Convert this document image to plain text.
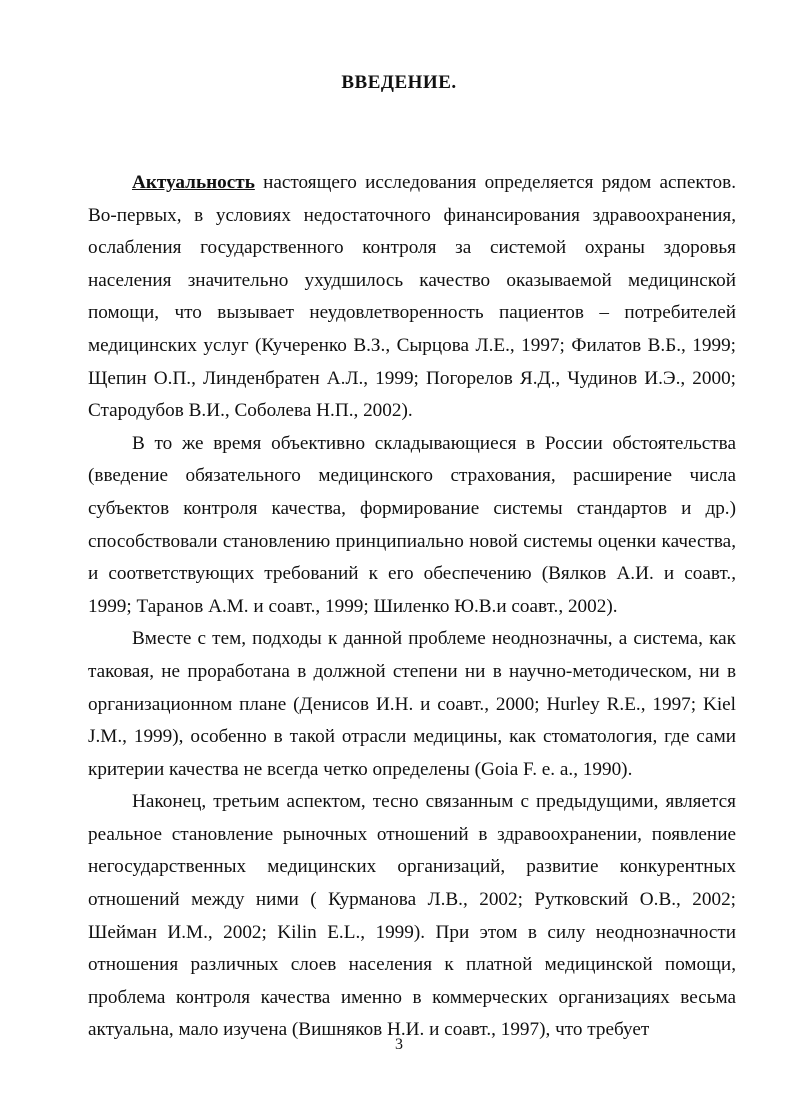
ВВЕДЕНИЕ.

Актуальность настоящего исследования определяется рядом аспектов. Во-первых, в условиях недостаточного финансирования здравоохранения, ослабления государственного контроля за системой охраны здоровья населения значительно ухудшилось качество оказываемой медицинской помощи, что вызывает неудовлетворенность пациентов – потребителей медицинских услуг (Кучеренко В.З., Сырцова Л.Е., 1997; Филатов В.Б., 1999; Щепин О.П., Линденбратен А.Л., 1999; Погорелов Я.Д., Чудинов И.Э., 2000; Стародубов В.И., Соболева Н.П., 2002).

В то же время объективно складывающиеся в России обстоятельства (введение обязательного медицинского страхования, расширение числа субъектов контроля качества, формирование системы стандартов и др.) способствовали становлению принципиально новой системы оценки качества, и соответствующих требований к его обеспечению (Вялков А.И. и соавт., 1999; Таранов А.М. и соавт., 1999; Шиленко Ю.В.и соавт., 2002).

Вместе с тем, подходы к данной проблеме неоднозначны, а система, как таковая, не проработана в должной степени ни в научно-методическом, ни в организационном плане (Денисов И.Н. и соавт., 2000; Hurley R.E., 1997; Kiel J.M., 1999), особенно в такой отрасли медицины, как стоматология, где сами критерии качества не всегда четко определены (Goia F. e. a., 1990).

Наконец, третьим аспектом, тесно связанным с предыдущими, является реальное становление рыночных отношений в здравоохранении, появление негосударственных медицинских организаций, развитие конкурентных отношений между ними ( Курманова Л.В., 2002; Рутковский О.В., 2002; Шейман И.М., 2002; Kilin E.L., 1999). При этом в силу неоднозначности отношения различных слоев населения к платной медицинской помощи, проблема контроля качества именно в коммерческих организациях весьма актуальна, мало изучена (Вишняков Н.И. и соавт., 1997), что требует

3
